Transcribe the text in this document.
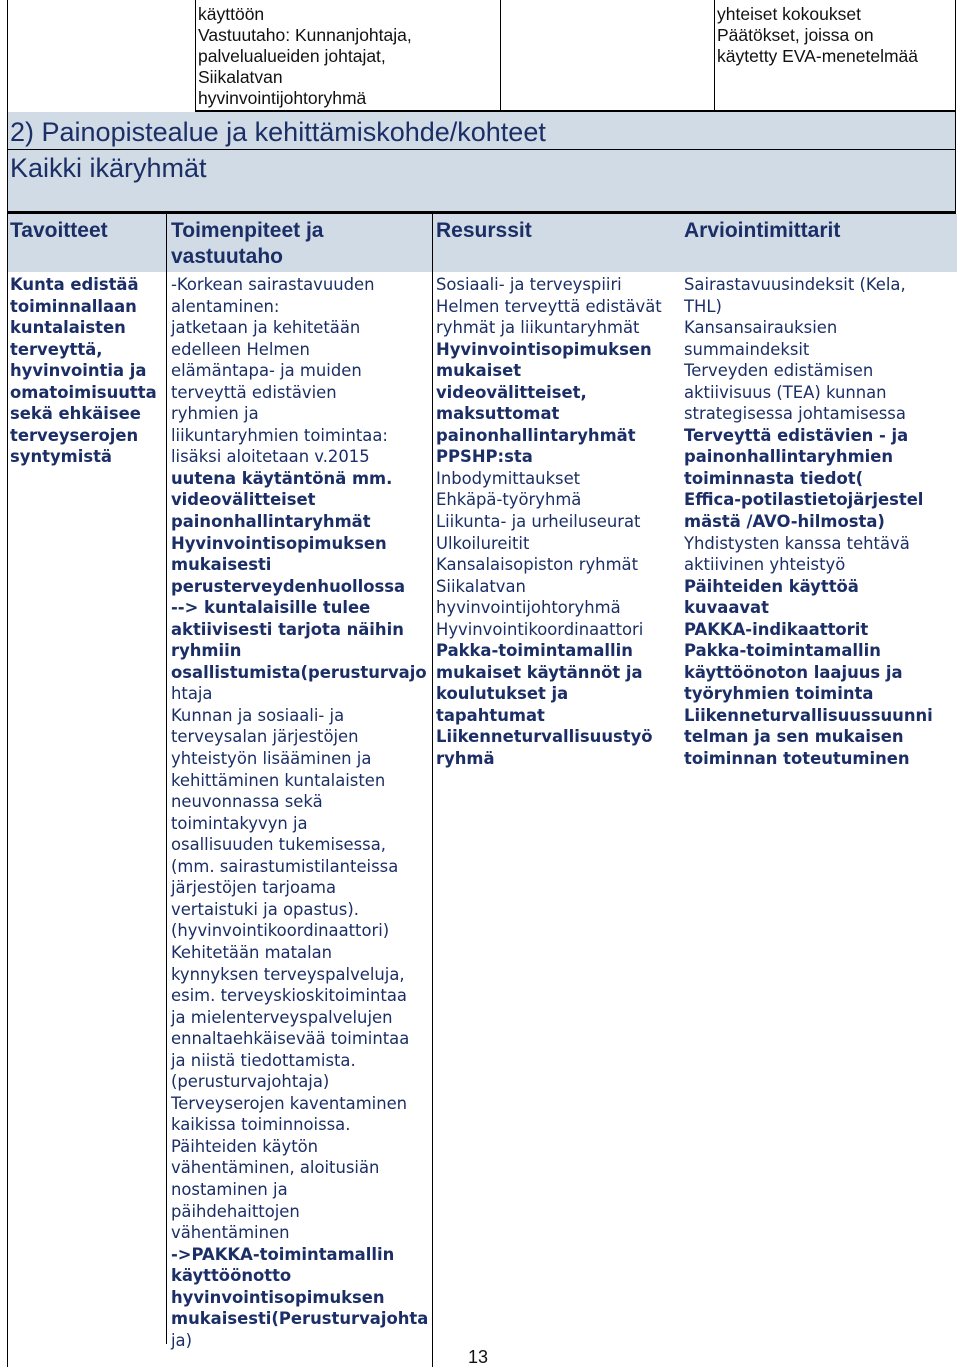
käyttöön
Vastuutaho: Kunnanjohtaja,
palvelualueiden johtajat,
Siikalatvan
hyvinvointijohtoryhmä
yhteiset kokoukset
Päätökset, joissa on
käytetty EVA-menetelmää
2) Painopistealue ja kehittämiskohde/kohteet
Kaikki ikäryhmät
Tavoitteet	Toimenpiteet ja vastuutaho
Resurssit	Arviointimittarit
Kunta edistää
toiminnallaan
kuntalaisten
terveyttä,
hyvinvointia ja
omatoimisuutta
sekä ehkäisee
terveyserojen
syntymistä
-Korkean sairastavuuden
alentaminen:
jatketaan ja kehitetään
edelleen Helmen
elämäntapa- ja muiden
terveyttä edistävien
ryhmien ja
liikuntaryhmien toimintaa:
lisäksi aloitetaan v.2015
uutena käytäntönä mm.
videovälitteiset
painonhallintaryhmät
Hyvinvointisopimuksen
mukaisesti
perusterveydenhuollossa
--> kuntalaisille tulee
aktiivisesti tarjota näihin
ryhmiin
osallistumista(perusturvajo
htaja
Kunnan ja sosiaali- ja
terveysalan järjestöjen
yhteistyön lisääminen ja
kehittäminen kuntalaisten
neuvonnassa sekä
toimintakyvyn ja
osallisuuden tukemisessa,
(mm. sairastumistilanteissa
järjestöjen tarjoama
vertaistuki ja opastus).
(hyvinvointikoordinaattori)
Kehitetään matalan
kynnyksen terveyspalveluja,
esim. terveyskioskitoimintaa
ja mielenterveyspalvelujen
ennaltaehkäisevää toimintaa
ja niistä tiedottamista.
(perusturvajohtaja)
Terveyserojen kaventaminen
kaikissa toiminnoissa.
Päihteiden käytön
vähentäminen, aloitusiän
nostaminen ja
päihdehaittojen
vähentäminen
->PAKKA-toimintamallin
käyttöönotto
hyvinvointisopimuksen
mukaisesti(Perusturvajohta
ja)
Sosiaali- ja terveyspiiri
Helmen terveyttä edistävät
ryhmät ja liikuntaryhmät
Hyvinvointisopimuksen
mukaiset
videovälitteiset,
maksuttomat
painonhallintaryhmät
PPSHP:sta
Inbodymittaukset
Ehkäpä-työryhmä
Liikunta- ja urheiluseurat
Ulkoilureitit
Kansalaisopiston ryhmät
Siikalatvan
hyvinvointijohtoryhmä
Hyvinvointikoordinaattori
Pakka-toimintamallin
mukaiset käytännöt ja
koulutukset ja
tapahtumat
Liikenneturvallisuustyö
ryhmä
Sairastavuusindeksit (Kela,
THL)
Kansansairauksien
summaindeksit
Terveyden edistämisen
aktiivisuus (TEA) kunnan
strategisessa johtamisessa
Terveyttä edistävien - ja
painonhallintaryhmien
toiminnasta tiedot(
Effica-potilastietojärjestel
mästä /AVO-hilmosta)
Yhdistysten kanssa tehtävä
aktiivinen yhteistyö
Päihteiden käyttöä
kuvaavat
PAKKA-indikaattorit
Pakka-toimintamallin
käyttöönoton laajuus ja
työryhmien toiminta
Liikenneturvallisuussuunni
telman ja sen mukaisen
toiminnan toteutuminen
13
